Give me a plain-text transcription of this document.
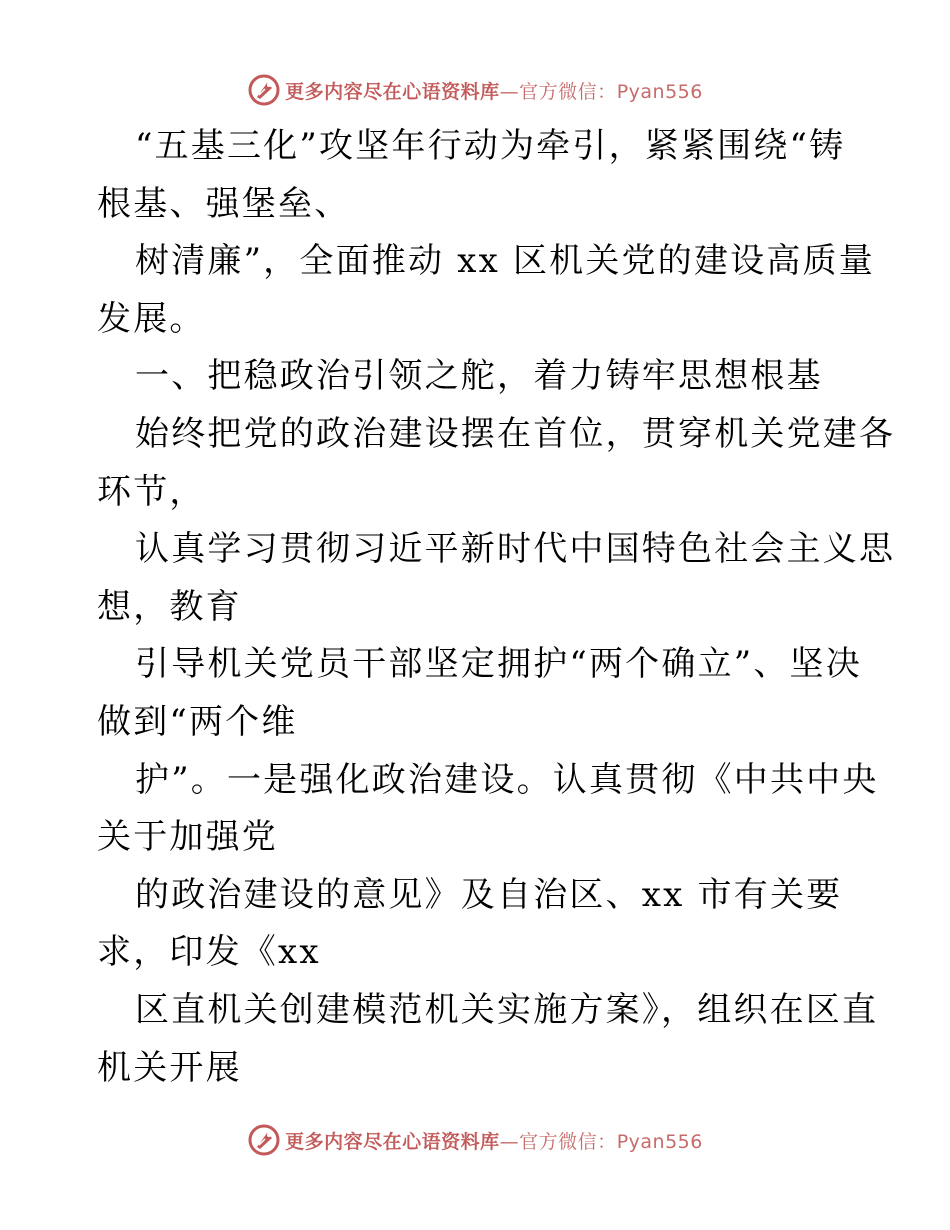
更多内容尽在心语资料库—官方微信：Pyan556
“五基三化”攻坚年行动为牵引，紧紧围绕“铸
根基、强堡垒、
树清廉”，全面推动 xx 区机关党的建设高质量
发展。
一、把稳政治引领之舵，着力铸牢思想根基
始终把党的政治建设摆在首位，贯穿机关党建各
环节，
认真学习贯彻习近平新时代中国特色社会主义思
想，教育
引导机关党员干部坚定拥护“两个确立”、坚决
做到“两个维
护”。一是强化政治建设。认真贯彻《中共中央
关于加强党
的政治建设的意见》及自治区、xx 市有关要
求，印发《xx
区直机关创建模范机关实施方案》，组织在区直
机关开展
更多内容尽在心语资料库—官方微信：Pyan556
